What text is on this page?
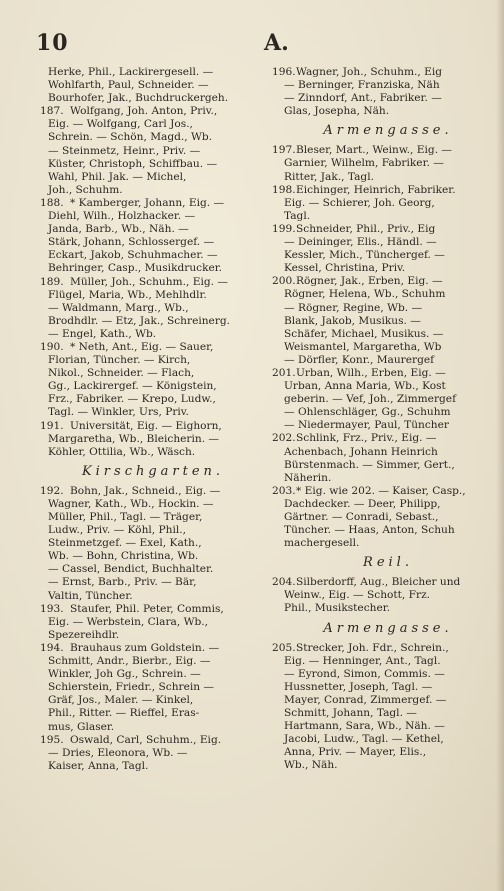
10	A.
Herke, Phil., Lackirergesell. —
Wohlfarth, Paul, Schneider. —
Bourhofer, Jak., Buchdruckergeh.
187. Wolfgang, Joh. Anton, Priv.,
Eig. — Wolfgang, Carl Jos.,
Schrein. — Schön, Magd., Wb.
— Steinmetz, Heinr., Priv. —
Küster, Christoph, Schiffbau. —
Wahl, Phil. Jak. — Michel,
Joh., Schuhm.
188. * Kamberger, Johann, Eig. —
Diehl, Wilh., Holzhacker. —
Janda, Barb., Wb., Näh. —
Stärk, Johann, Schlossergef. —
Eckart, Jakob, Schuhmacher. —
Behringer, Casp., Musikdrucker.
189. Müller, Joh., Schuhm., Eig. —
Flügel, Maria, Wb., Mehlhdlr.
— Waldmann, Marg., Wb.,
Brodhdlr. — Etz, Jak., Schreinerg.
— Engel, Kath., Wb.
190. * Neth, Ant., Eig. — Sauer,
Florian, Tüncher. — Kirch,
Nikol., Schneider. — Flach,
Gg., Lackirergef. — Königstein,
Frz., Fabriker. — Krepo, Ludw.,
Tagl. — Winkler, Urs, Priv.
191. Universität, Eig. — Eighorn,
Margaretha, Wb., Bleicherin. —
Köhler, Ottilia, Wb., Wäsch.
Kirschgarten.
192. Bohn, Jak., Schneid., Eig. —
Wagner, Kath., Wb., Hockin. —
Müller, Phil., Tagl. — Träger,
Ludw., Priv. — Köhl, Phil.,
Steinmetzgef. — Exel, Kath.,
Wb. — Bohn, Christina, Wb.
— Cassel, Bendict, Buchhalter.
— Ernst, Barb., Priv. — Bär,
Valtin, Tüncher.
193. Staufer, Phil. Peter, Commis,
Eig. — Werbstein, Clara, Wb.,
Spezereihdlr.
194. Brauhaus zum Goldstein. —
Schmitt, Andr., Bierbr., Eig. —
Winkler, Joh Gg., Schrein. —
Schierstein, Friedr., Schrein —
Gräf, Jos., Maler. — Kinkel,
Phil., Ritter. — Rieffel, Eras-
mus, Glaser.
195. Oswald, Carl, Schuhm., Eig.
— Dries, Eleonora, Wb. —
Kaiser, Anna, Tagl.
196.Wagner, Joh., Schuhm., Eig
— Berninger, Franziska, Näh
— Zinndorf, Ant., Fabriker. —
Glas, Josepha, Näh.
Armengasse.
197.Bleser, Mart., Weinw., Eig. —
Garnier, Wilhelm, Fabriker. —
Ritter, Jak., Tagl.
198.Eichinger, Heinrich, Fabriker.
Eig. — Schierer, Joh. Georg,
Tagl.
199.Schneider, Phil., Priv., Eig
— Deininger, Elis., Händl. —
Kessler, Mich., Tünchergef. —
Kessel, Christina, Priv.
200.Rögner, Jak., Erben, Eig. —
Rögner, Helena, Wb., Schuhm
— Rögner, Regine, Wb. —
Blank, Jakob, Musikus. —
Schäfer, Michael, Musikus. —
Weismantel, Margaretha, Wb
— Dörfler, Konr., Maurergef
201.Urban, Wilh., Erben, Eig. —
Urban, Anna Maria, Wb., Kost
geberin. — Vef, Joh., Zimmergef
— Ohlenschläger, Gg., Schuhm
— Niedermayer, Paul, Tüncher
202.Schlink, Frz., Priv., Eig. —
Achenbach, Johann Heinrich
Bürstenmach. — Simmer, Gert.,
Näherin.
203.* Eig. wie 202. — Kaiser, Casp.,
Dachdecker. — Deer, Philipp,
Gärtner. — Conradi, Sebast.,
Tüncher. — Haas, Anton, Schuh
machergesell.
Reil.
204.Silberdorff, Aug., Bleicher und
Weinw., Eig. — Schott, Frz.
Phil., Musikstecher.
Armengasse.
205.Strecker, Joh. Fdr., Schrein.,
Eig. — Henninger, Ant., Tagl.
— Eyrond, Simon, Commis. —
Hussnetter, Joseph, Tagl. —
Mayer, Conrad, Zimmergef. —
Schmitt, Johann, Tagl. —
Hartmann, Sara, Wb., Näh. —
Jacobi, Ludw., Tagl. — Kethel,
Anna, Priv. — Mayer, Elis.,
Wb., Näh.
